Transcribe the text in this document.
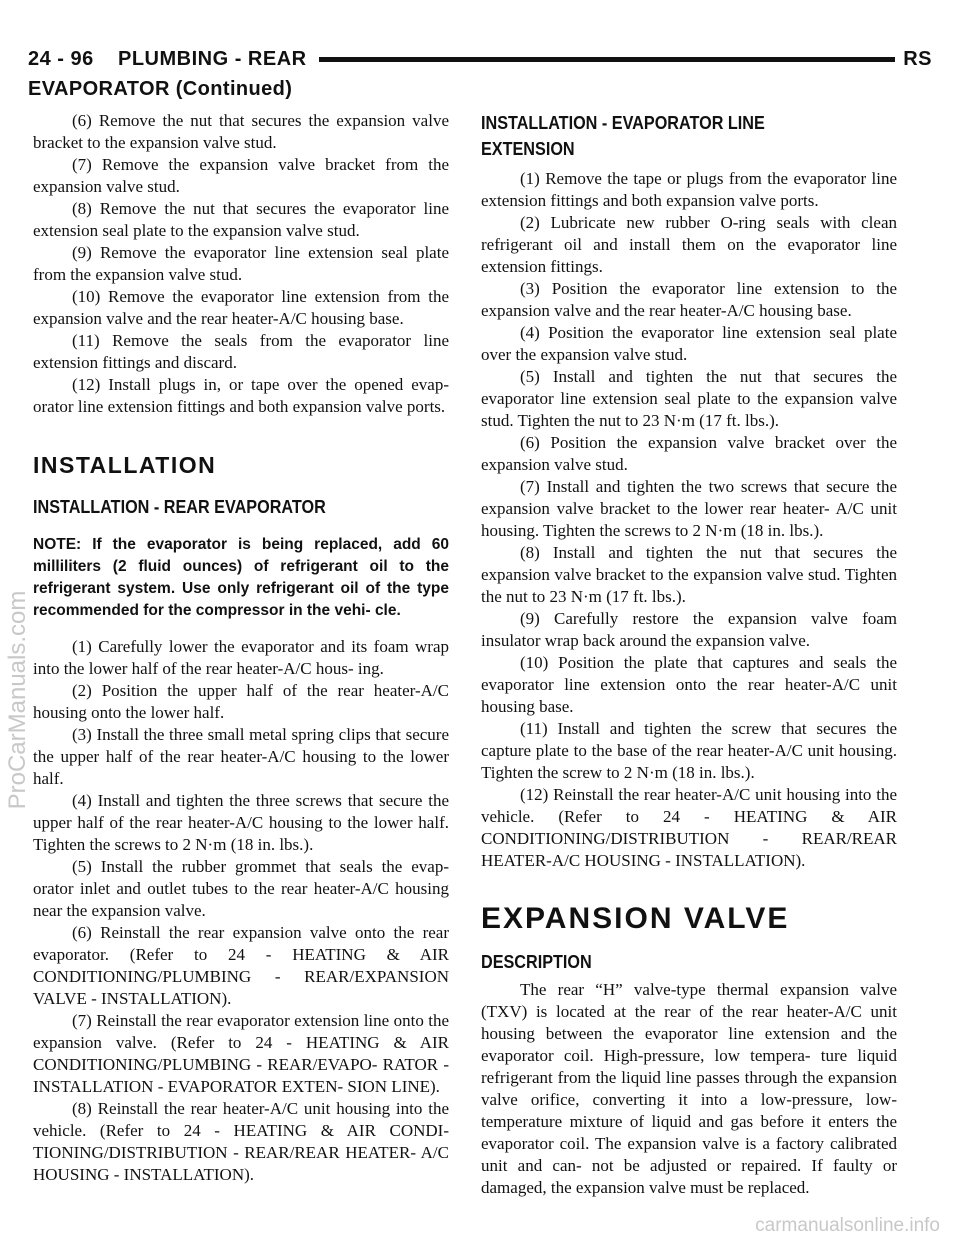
24 - 96 PLUMBING - REAR	RS
EVAPORATOR (Continued)

(6) Remove the nut that secures the expansion valve bracket to the expansion valve stud.

(7) Remove the expansion valve bracket from the expansion valve stud.

(8) Remove the nut that secures the evaporator line extension seal plate to the expansion valve stud.

(9) Remove the evaporator line extension seal plate from the expansion valve stud.

(10) Remove the evaporator line extension from the expansion valve and the rear heater-A/C housing base.

(11) Remove the seals from the evaporator line extension fittings and discard.

(12) Install plugs in, or tape over the opened evap- orator line extension fittings and both expansion valve ports.

INSTALLATION
INSTALLATION - REAR EVAPORATOR

NOTE: If the evaporator is being replaced, add 60 milliliters (2 fluid ounces) of refrigerant oil to the refrigerant system. Use only refrigerant oil of the type recommended for the compressor in the vehi- cle.

(1) Carefully lower the evaporator and its foam wrap into the lower half of the rear heater-A/C hous- ing.

(2) Position the upper half of the rear heater-A/C housing onto the lower half.

(3) Install the three small metal spring clips that secure the upper half of the rear heater-A/C housing to the lower half.

(4) Install and tighten the three screws that secure the upper half of the rear heater-A/C housing to the lower half. Tighten the screws to 2 N·m (18 in. lbs.).

(5) Install the rubber grommet that seals the evap- orator inlet and outlet tubes to the rear heater-A/C housing near the expansion valve.

(6) Reinstall the rear expansion valve onto the rear evaporator. (Refer to 24 - HEATING & AIR CONDITIONING/PLUMBING - REAR/EXPANSION VALVE - INSTALLATION).

(7) Reinstall the rear evaporator extension line onto the expansion valve. (Refer to 24 - HEATING & AIR CONDITIONING/PLUMBING - REAR/EVAPO- RATOR - INSTALLATION - EVAPORATOR EXTEN- SION LINE).

(8) Reinstall the rear heater-A/C unit housing into the vehicle. (Refer to 24 - HEATING & AIR CONDI- TIONING/DISTRIBUTION - REAR/REAR HEATER- A/C HOUSING - INSTALLATION).

INSTALLATION - EVAPORATOR LINE EXTENSION

(1) Remove the tape or plugs from the evaporator line extension fittings and both expansion valve ports.

(2) Lubricate new rubber O-ring seals with clean refrigerant oil and install them on the evaporator line extension fittings.

(3) Position the evaporator line extension to the expansion valve and the rear heater-A/C housing base.

(4) Position the evaporator line extension seal plate over the expansion valve stud.

(5) Install and tighten the nut that secures the evaporator line extension seal plate to the expansion valve stud. Tighten the nut to 23 N·m (17 ft. lbs.).

(6) Position the expansion valve bracket over the expansion valve stud.

(7) Install and tighten the two screws that secure the expansion valve bracket to the lower rear heater- A/C unit housing. Tighten the screws to 2 N·m (18 in. lbs.).

(8) Install and tighten the nut that secures the expansion valve bracket to the expansion valve stud. Tighten the nut to 23 N·m (17 ft. lbs.).

(9) Carefully restore the expansion valve foam insulator wrap back around the expansion valve.

(10) Position the plate that captures and seals the evaporator line extension onto the rear heater-A/C unit housing base.

(11) Install and tighten the screw that secures the capture plate to the base of the rear heater-A/C unit housing. Tighten the screw to 2 N·m (18 in. lbs.).

(12) Reinstall the rear heater-A/C unit housing into the vehicle. (Refer to 24 - HEATING & AIR CONDITIONING/DISTRIBUTION - REAR/REAR HEATER-A/C HOUSING - INSTALLATION).

EXPANSION VALVE
DESCRIPTION

The rear “H” valve-type thermal expansion valve (TXV) is located at the rear of the rear heater-A/C unit housing between the evaporator line extension and the evaporator coil. High-pressure, low tempera- ture liquid refrigerant from the liquid line passes through the expansion valve orifice, converting it into a low-pressure, low-temperature mixture of liquid and gas before it enters the evaporator coil. The expansion valve is a factory calibrated unit and can- not be adjusted or repaired. If faulty or damaged, the expansion valve must be replaced.

ProCarManuals.com
carmanualsonline.info
